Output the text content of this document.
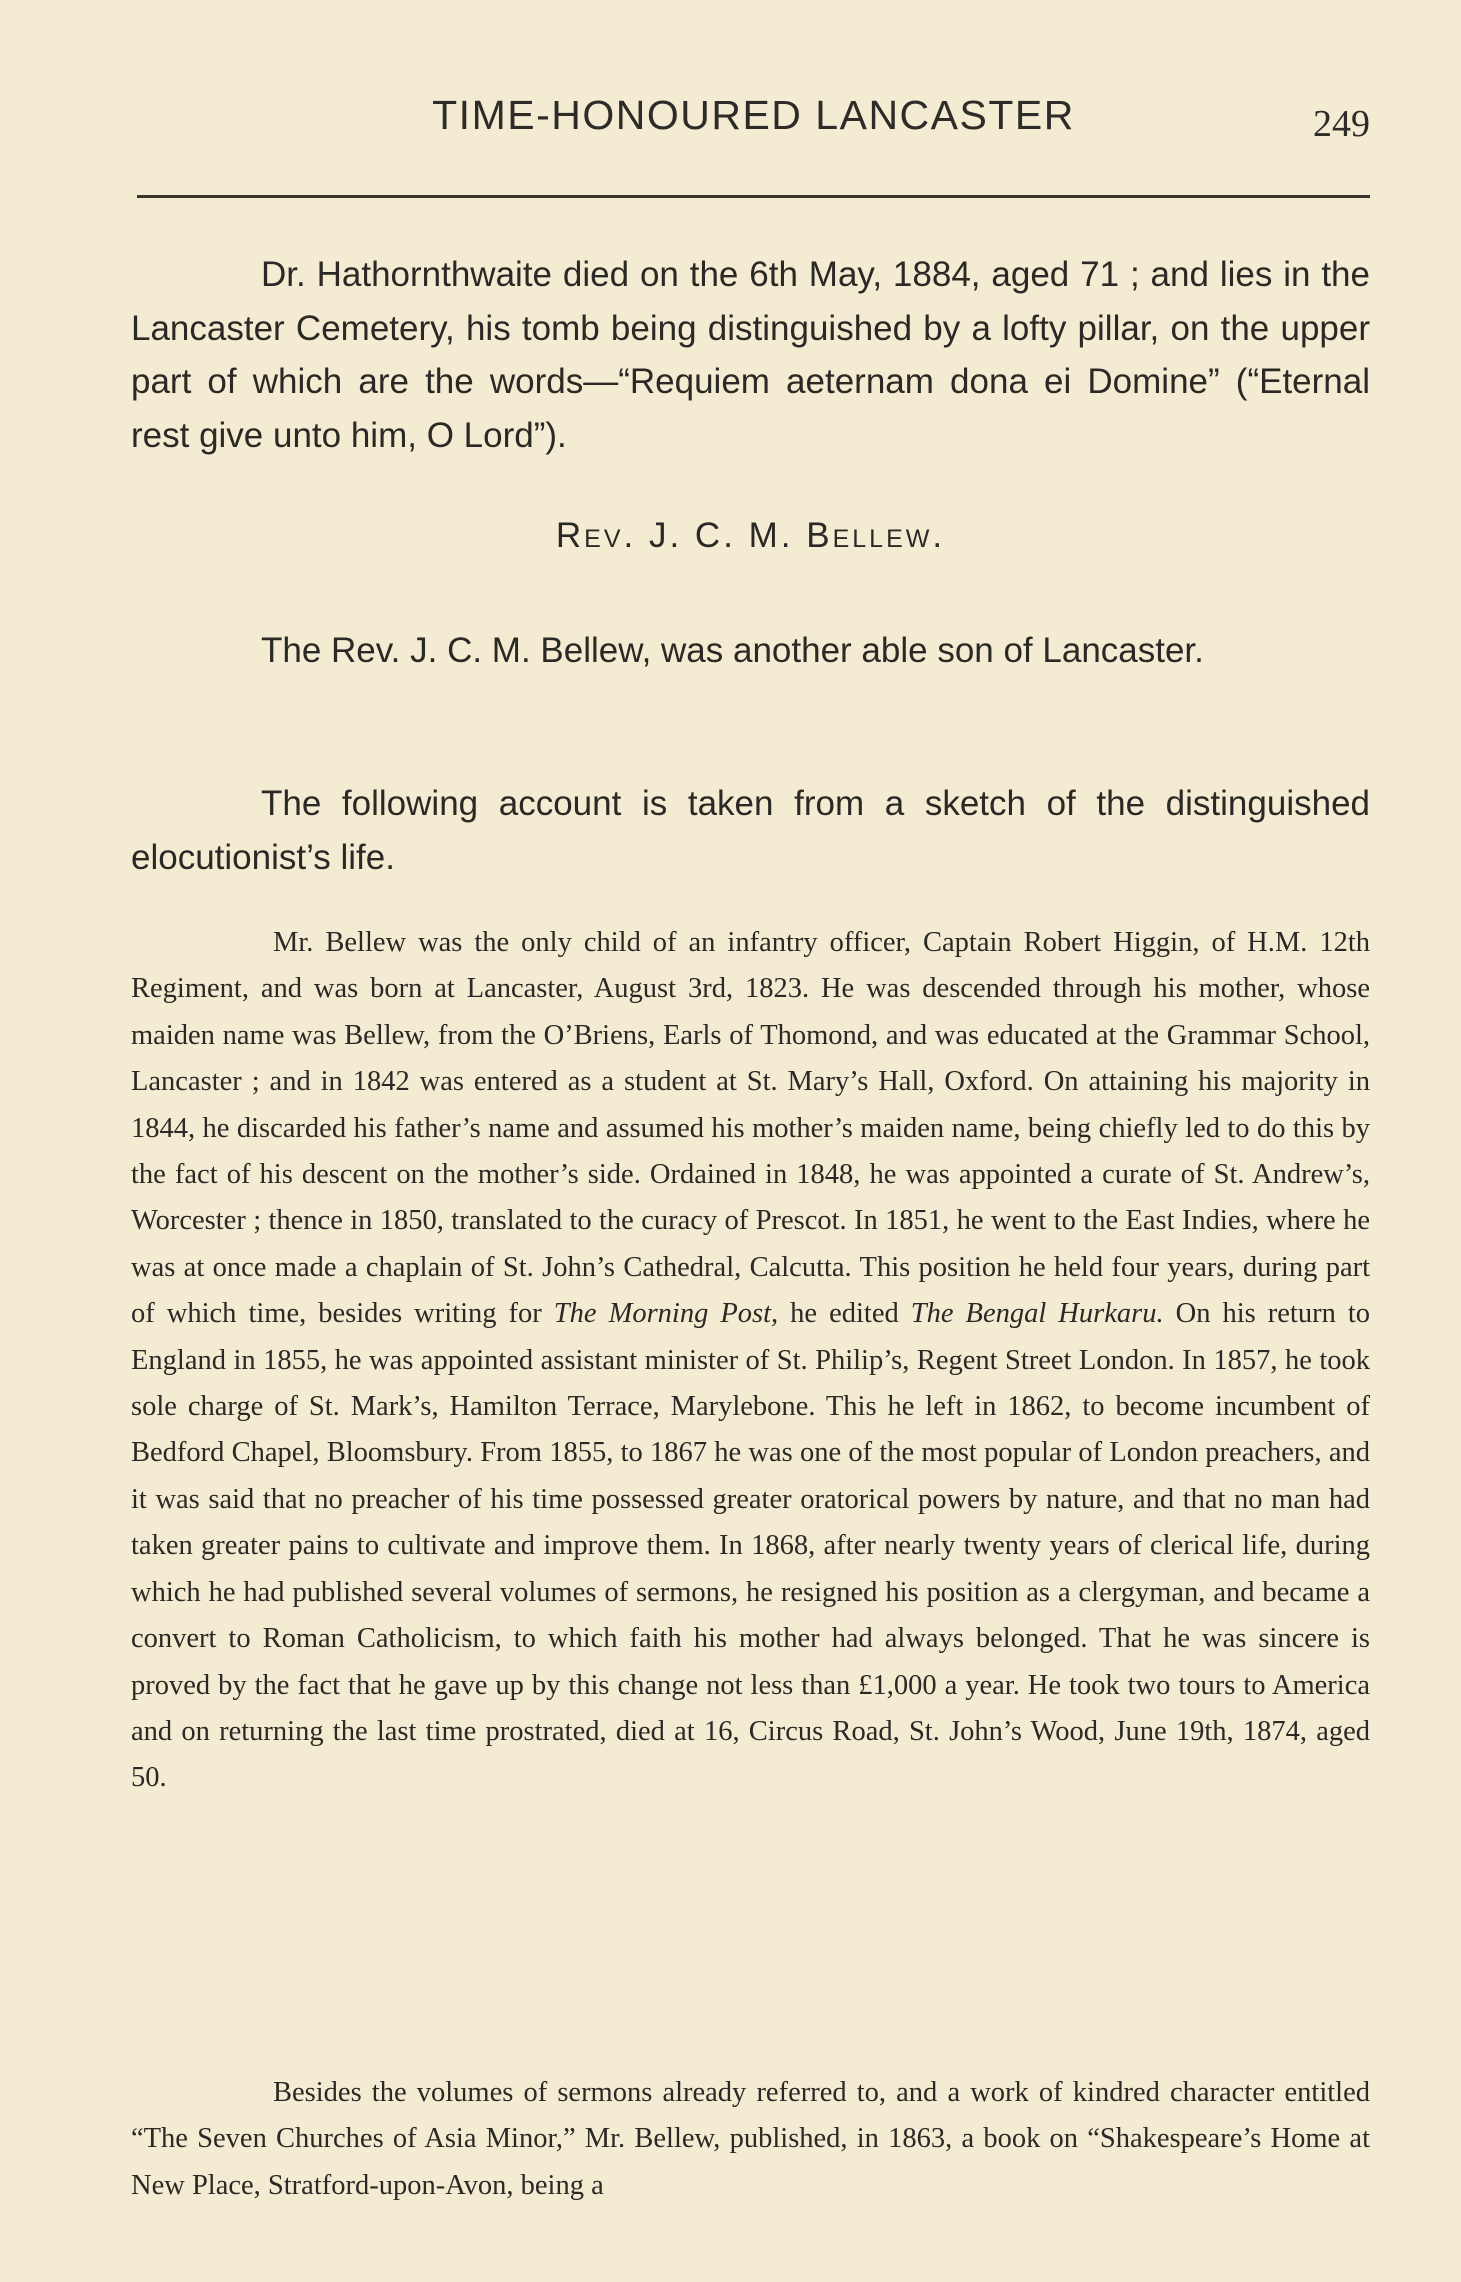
TIME-HONOURED LANCASTER	249

Dr. Hathornthwaite died on the 6th May, 1884, aged 71 ; and lies in the Lancaster Cemetery, his tomb being distinguished by a lofty pillar, on the upper part of which are the words—“Requiem aeternam dona ei Domine” (“Eternal rest give unto him, O Lord”).

Rev. J. C. M. Bellew.

The Rev. J. C. M. Bellew, was another able son of Lancaster.

The following account is taken from a sketch of the distinguished elocutionist’s life.

Mr. Bellew was the only child of an infantry officer, Captain Robert Higgin, of H.M. 12th Regiment, and was born at Lancaster, August 3rd, 1823. He was descended through his mother, whose maiden name was Bellew, from the O’Briens, Earls of Thomond, and was educated at the Grammar School, Lancaster ; and in 1842 was entered as a student at St. Mary’s Hall, Oxford. On attaining his majority in 1844, he discarded his father’s name and assumed his mother’s maiden name, being chiefly led to do this by the fact of his descent on the mother’s side. Ordained in 1848, he was appointed a curate of St. Andrew’s, Worcester ; thence in 1850, translated to the curacy of Prescot. In 1851, he went to the East Indies, where he was at once made a chaplain of St. John’s Cathedral, Calcutta. This position he held four years, during part of which time, besides writing for The Morning Post, he edited The Bengal Hurkaru. On his return to England in 1855, he was appointed assistant minister of St. Philip’s, Regent Street London. In 1857, he took sole charge of St. Mark’s, Hamilton Terrace, Marylebone. This he left in 1862, to become incumbent of Bedford Chapel, Bloomsbury. From 1855, to 1867 he was one of the most popular of London preachers, and it was said that no preacher of his time possessed greater oratorical powers by nature, and that no man had taken greater pains to cultivate and improve them. In 1868, after nearly twenty years of clerical life, during which he had published several volumes of sermons, he resigned his position as a clergyman, and became a convert to Roman Catholicism, to which faith his mother had always belonged. That he was sincere is proved by the fact that he gave up by this change not less than £1,000 a year. He took two tours to America and on returning the last time prostrated, died at 16, Circus Road, St. John’s Wood, June 19th, 1874, aged 50.

Besides the volumes of sermons already referred to, and a work of kindred character entitled “The Seven Churches of Asia Minor,” Mr. Bellew, published, in 1863, a book on “Shakespeare’s Home at New Place, Stratford-upon-Avon, being a
